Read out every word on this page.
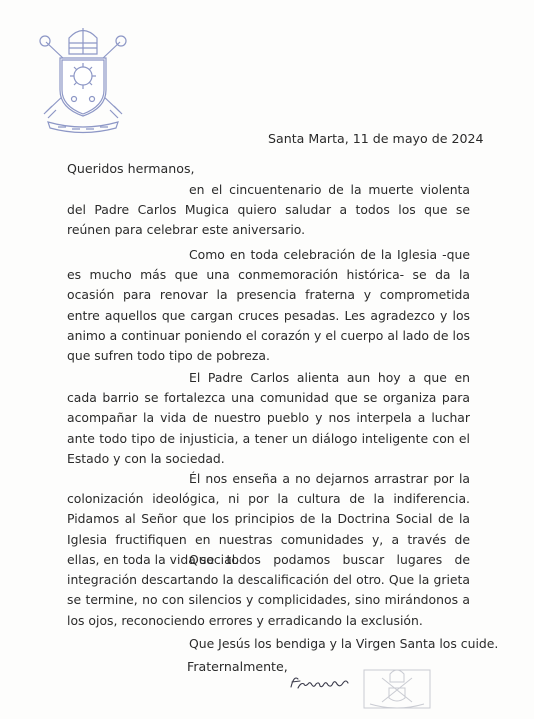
Santa Marta, 11 de mayo de 2024
Queridos hermanos,

en el cincuentenario de la muerte violenta del Padre Carlos Mugica quiero saludar a todos los que se reúnen para celebrar este aniversario.

Como en toda celebración de la Iglesia -que es mucho más que una conmemoración histórica- se da la ocasión para renovar la presencia fraterna y comprometida entre aquellos que cargan cruces pesadas. Les agradezco y los animo a continuar poniendo el corazón y el cuerpo al lado de los que sufren todo tipo de pobreza.

El Padre Carlos alienta aun hoy a que en cada barrio se fortalezca una comunidad que se organiza para acompañar la vida de nuestro pueblo y nos interpela a luchar ante todo tipo de injusticia, a tener un diálogo inteligente con el Estado y con la sociedad.

Él nos enseña a no dejarnos arrastrar por la colonización ideológica, ni por la cultura de la indiferencia. Pidamos al Señor que los principios de la Doctrina Social de la Iglesia fructifiquen en nuestras comunidades y, a través de ellas, en toda la vida social.

Que todos podamos buscar lugares de integración descartando la descalificación del otro. Que la grieta se termine, no con silencios y complicidades, sino mirándonos a los ojos, reconociendo errores y erradicando la exclusión.

Que Jesús los bendiga y la Virgen Santa los cuide.

Fraternalmente,
